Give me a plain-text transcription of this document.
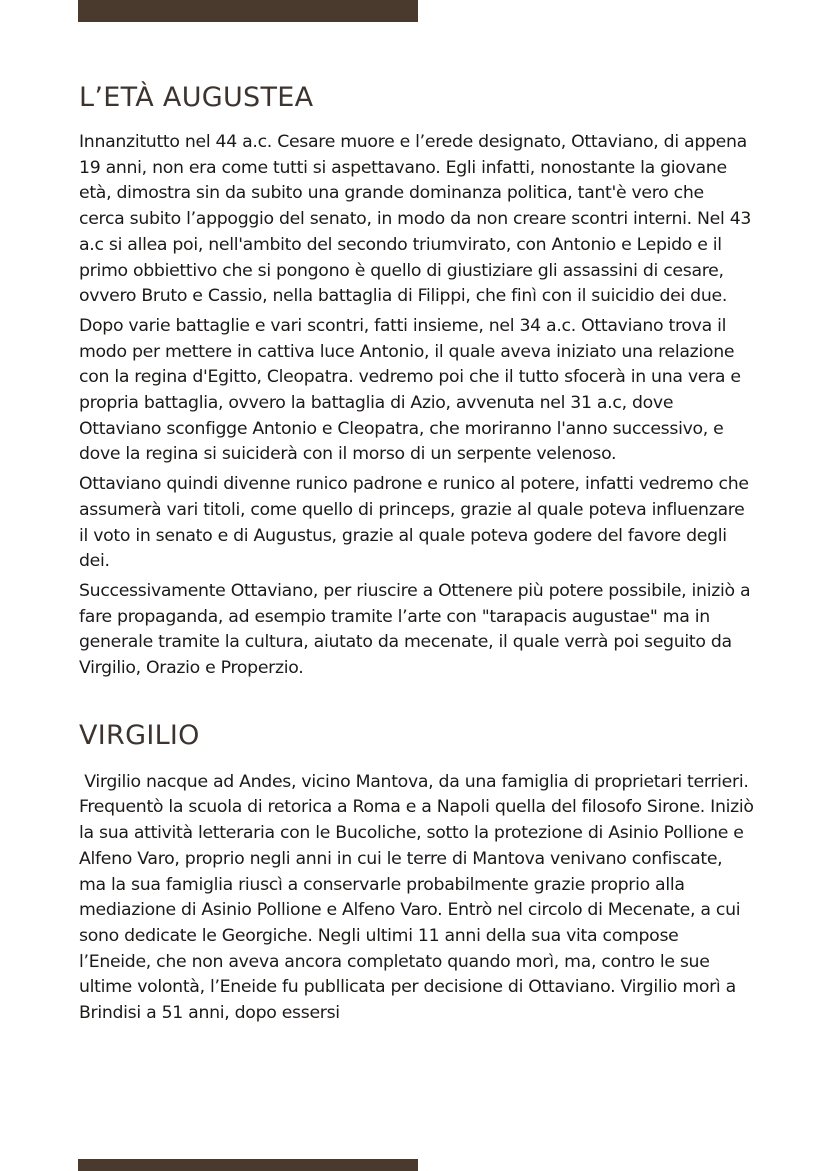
L’ETÀ AUGUSTEA

Innanzitutto nel 44 a.c. Cesare muore e l’erede designato, Ottaviano, di appena 19 anni, non era come tutti si aspettavano. Egli infatti, nonostante la giovane età, dimostra sin da subito una grande dominanza politica, tant'è vero che cerca subito l’appoggio del senato, in modo da non creare scontri interni. Nel 43 a.c si allea poi, nell'ambito del secondo triumvirato, con Antonio e Lepido e il primo obbiettivo che si pongono è quello di giustiziare gli assassini di cesare, ovvero Bruto e Cassio, nella battaglia di Filippi, che finì con il suicidio dei due.

Dopo varie battaglie e vari scontri, fatti insieme, nel 34 a.c. Ottaviano trova il modo per mettere in cattiva luce Antonio, il quale aveva iniziato una relazione con la regina d'Egitto, Cleopatra. vedremo poi che il tutto sfocerà in una vera e propria battaglia, ovvero la battaglia di Azio, avvenuta nel 31 a.c, dove Ottaviano sconfigge Antonio e Cleopatra, che moriranno l'anno successivo, e dove la regina si suiciderà con il morso di un serpente velenoso.

Ottaviano quindi divenne runico padrone e runico al potere, infatti vedremo che assumerà vari titoli, come quello di princeps, grazie al quale poteva influenzare il voto in senato e di Augustus, grazie al quale poteva godere del favore degli dei.

Successivamente Ottaviano, per riuscire a Ottenere più potere possibile, iniziò a fare propaganda, ad esempio tramite l’arte con "tarapacis augustae" ma in generale tramite la cultura, aiutato da mecenate, il quale verrà poi seguito da Virgilio, Orazio e Properzio.

VIRGILIO

Virgilio nacque ad Andes, vicino Mantova, da una famiglia di proprietari terrieri. Frequentò la scuola di retorica a Roma e a Napoli quella del filosofo Sirone. Iniziò la sua attività letteraria con le Bucoliche, sotto la protezione di Asinio Pollione e Alfeno Varo, proprio negli anni in cui le terre di Mantova venivano confiscate, ma la sua famiglia riuscì a conservarle probabilmente grazie proprio alla mediazione di Asinio Pollione e Alfeno Varo. Entrò nel circolo di Mecenate, a cui sono dedicate le Georgiche. Negli ultimi 11 anni della sua vita compose l’Eneide, che non aveva ancora completato quando morì, ma, contro le sue ultime volontà, l’Eneide fu publlicata per decisione di Ottaviano. Virgilio morì a Brindisi a 51 anni, dopo essersi
